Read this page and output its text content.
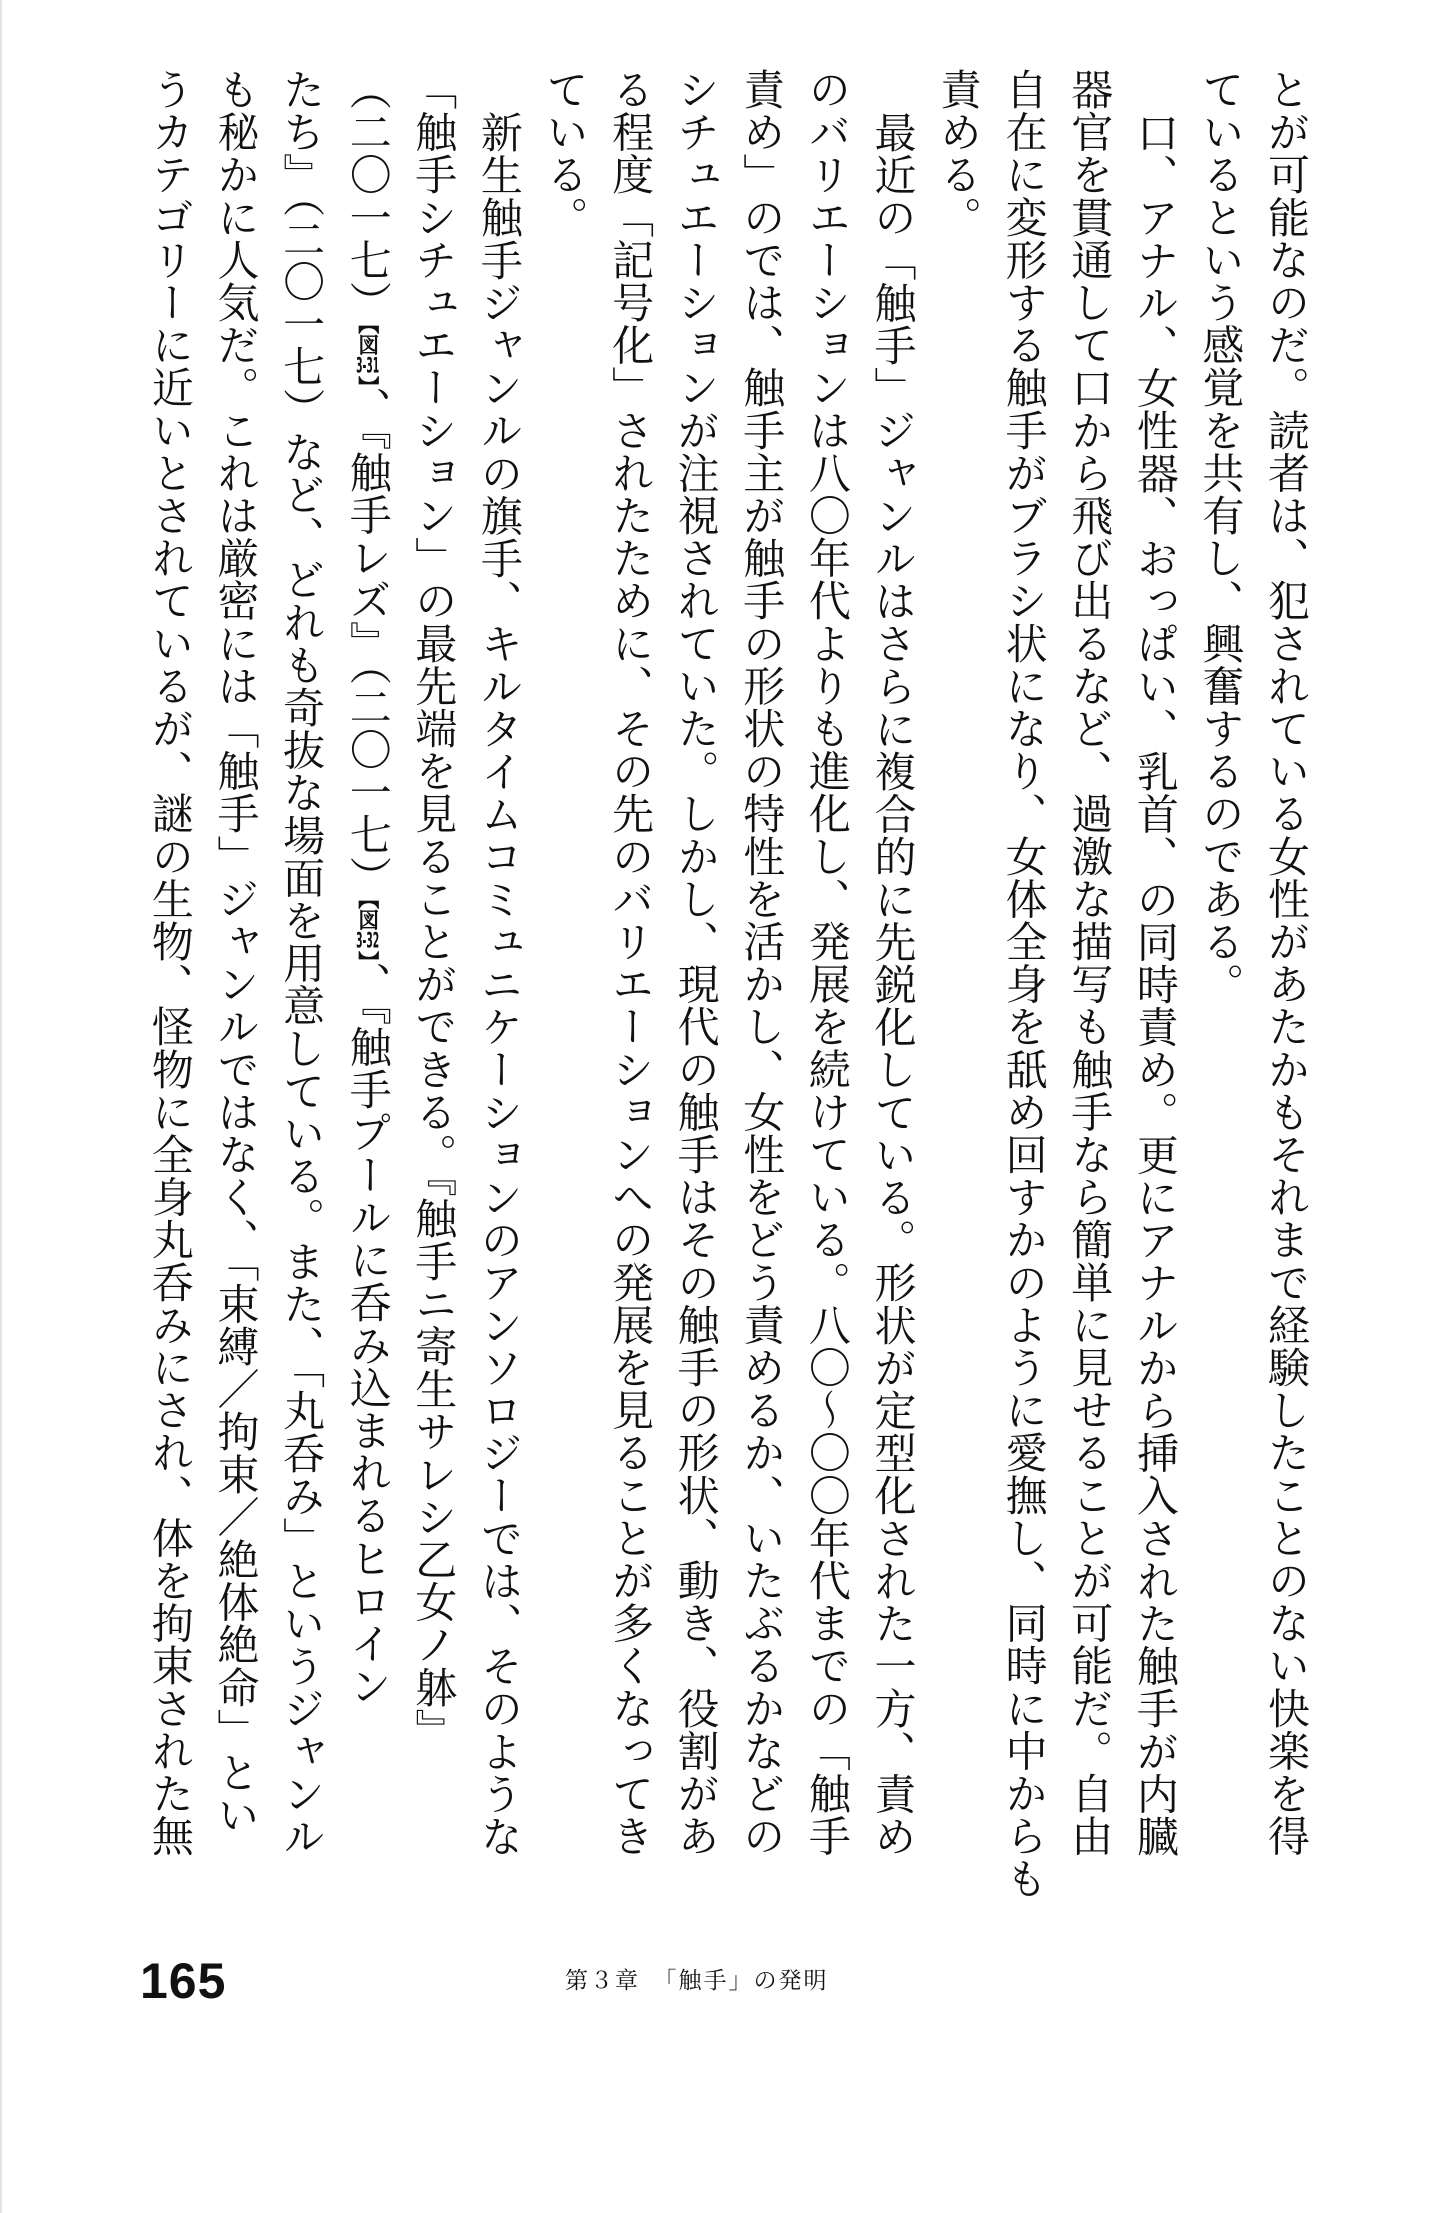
とが可能なのだ。読者は、犯されている女性があたかもそれまで経験したことのない快楽を得
ているという感覚を共有し、興奮するのである。
口、アナル、女性器、おっぱい、乳首、の同時責め。更にアナルから挿入された触手が内臓
器官を貫通して口から飛び出るなど、過激な描写も触手なら簡単に見せることが可能だ。自由
自在に変形する触手がブラシ状になり、女体全身を舐め回すかのように愛撫し、同時に中からも
責める。
最近の「触手」ジャンルはさらに複合的に先鋭化している。形状が定型化された一方、責め
のバリエーションは八〇年代よりも進化し、発展を続けている。八〇～〇〇年代までの「触手
責め」のでは、触手主が触手の形状の特性を活かし、女性をどう責めるか、いたぶるかなどの
シチュエーションが注視されていた。しかし、現代の触手はその触手の形状、動き、役割があ
る程度「記号化」されたために、その先のバリエーションへの発展を見ることが多くなってき
ている。
新生触手ジャンルの旗手、キルタイムコミュニケーションのアンソロジーでは、そのような
「触手シチュエーション」の最先端を見ることができる。『触手ニ寄生サレシ乙女ノ躰』
（二〇一七）【図3-31】、『触手レズ』（二〇一七）【図3-32】、『触手プールに呑み込まれるヒロイン
たち』（二〇一七）など、どれも奇抜な場面を用意している。また、「丸呑み」というジャンル
も秘かに人気だ。これは厳密には「触手」ジャンルではなく、「束縛／拘束／絶体絶命」とい
うカテゴリーに近いとされているが、謎の生物、怪物に全身丸呑みにされ、体を拘束された無
165	第３章　「触手」の発明
